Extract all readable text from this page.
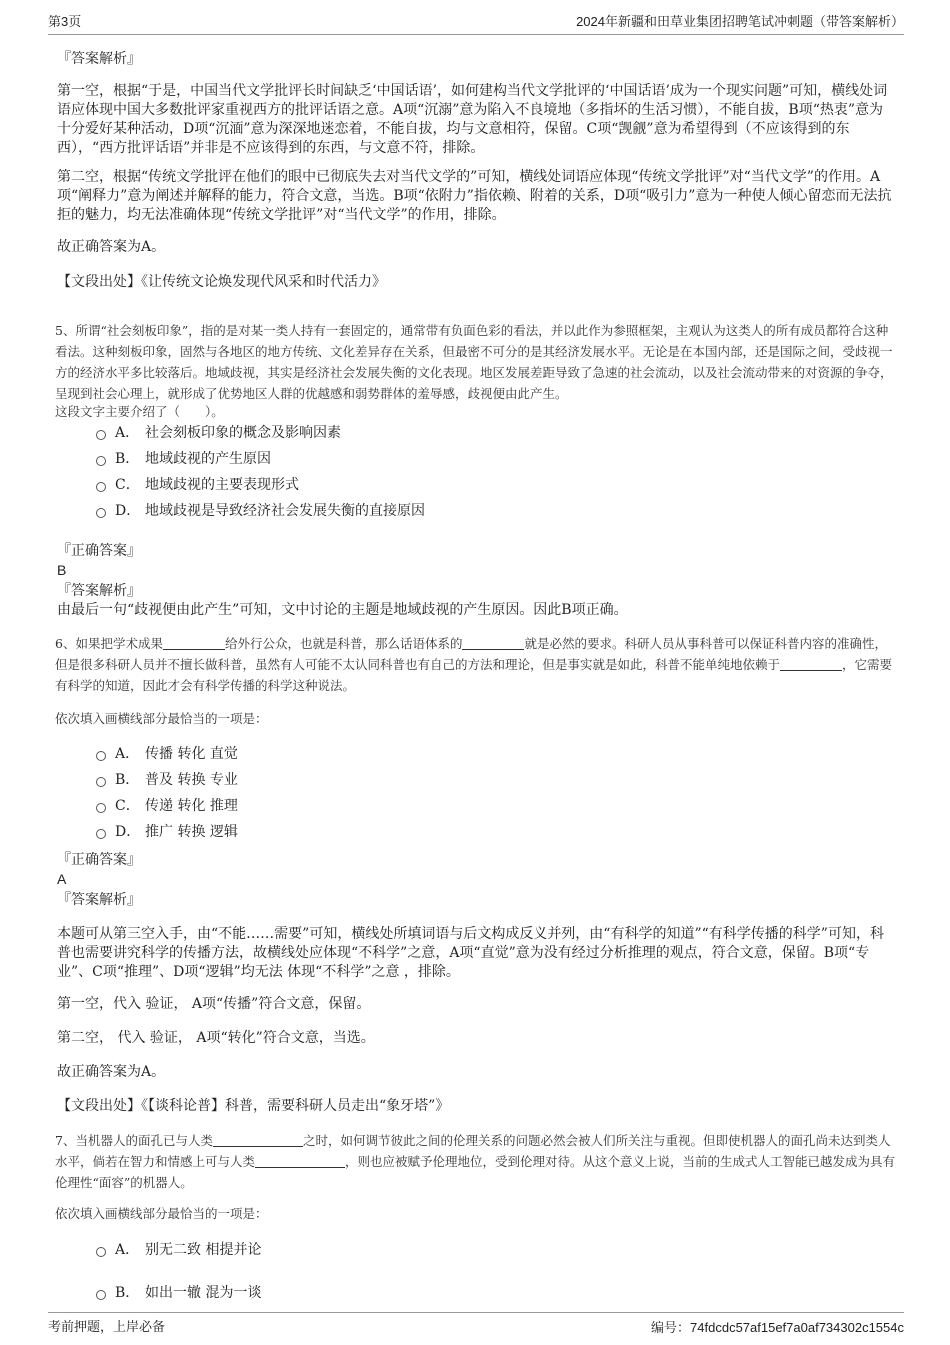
第3页	2024年新疆和田草业集团招聘笔试冲刺题（带答案解析）
『答案解析』

第一空，根据“于是，中国当代文学批评长时间缺乏‘中国话语’，如何建构当代文学批评的‘中国话语’成为一个现实问题”可知，横线处词语应体现中国大多数批评家重视西方的批评话语之意。A项“沉溺”意为陷入不良境地（多指坏的生活习惯），不能自拔，B项“热衷”意为十分爱好某种活动，D项“沉湎”意为深深地迷恋着，不能自拔，均与文意相符，保留。C项“觊觎”意为希望得到（不应该得到的东西），“西方批评话语”并非是不应该得到的东西，与文意不符，排除。

第二空，根据“传统文学批评在他们的眼中已彻底失去对当代文学的”可知，横线处词语应体现“传统文学批评”对“当代文学”的作用。A项“阐释力”意为阐述并解释的能力，符合文意，当选。B项“依附力”指依赖、附着的关系，D项“吸引力”意为一种使人倾心留恋而无法抗拒的魅力，均无法准确体现“传统文学批评”对“当代文学”的作用，排除。

故正确答案为A。

【文段出处】《让传统文论焕发现代风采和时代活力》

5、所谓“社会刻板印象”，指的是对某一类人持有一套固定的，通常带有负面色彩的看法，并以此作为参照框架，主观认为这类人的所有成员都符合这种看法。这种刻板印象，固然与各地区的地方传统、文化差异存在关系，但最密不可分的是其经济发展水平。无论是在本国内部，还是国际之间，受歧视一方的经济水平多比较落后。地域歧视，其实是经济社会发展失衡的文化表现。地区发展差距导致了急速的社会流动，以及社会流动带来的对资源的争夺，呈现到社会心理上，就形成了优势地区人群的优越感和弱势群体的羞辱感，歧视便由此产生。

这段文字主要介绍了（　　）。

A． 社会刻板印象的概念及影响因素
B． 地域歧视的产生原因
C． 地域歧视的主要表现形式
D． 地域歧视是导致经济社会发展失衡的直接原因
『正确答案』
B
『答案解析』

由最后一句“歧视便由此产生”可知，文中讨论的主题是地域歧视的产生原因。因此B项正确。

6、如果把学术成果	给外行公众，也就是科普，那么话语体系的	就是必然的要求。科研人员从事科普可以保证科普内容的准确性，但是很多科研人员并不擅长做科普，虽然有人可能不太认同科普也有自己的方法和理论，但是事实就是如此，科普不能单纯地依赖于	，它需要有科学的知道，因此才会有科学传播的科学这种说法。

依次填入画横线部分最恰当的一项是：

A． 传播 转化 直觉
B． 普及 转换 专业
C． 传递 转化 推理
D． 推广 转换 逻辑
『正确答案』
A
『答案解析』

本题可从第三空入手，由“不能……需要”可知，横线处所填词语与后文构成反义并列，由“有科学的知道”“有科学传播的科学”可知，科普也需要讲究科学的传播方法，故横线处应体现“不科学”之意，A项“直觉”意为没有经过分析推理的观点，符合文意，保留。B项“专业”、C项“推理”、D项“逻辑”均无法 体现“不科学”之意 ，排除。

第一空，代入 验证， A项“传播”符合文意，保留。

第二空， 代入 验证， A项“转化”符合文意，当选。

故正确答案为A。

【文段出处】《【谈科论普】科普，需要科研人员走出“象牙塔”》

7、当机器人的面孔已与人类	之时，如何调节彼此之间的伦理关系的问题必然会被人们所关注与重视。但即使机器人的面孔尚未达到类人水平，倘若在智力和情感上可与人类	，则也应被赋予伦理地位，受到伦理对待。从这个意义上说，当前的生成式人工智能已越发成为具有伦理性“面容”的机器人。

依次填入画横线部分最恰当的一项是：

A． 别无二致 相提并论
B． 如出一辙 混为一谈
考前押题，上岸必备	编号：74fdcdc57af15ef7a0af734302c1554c
